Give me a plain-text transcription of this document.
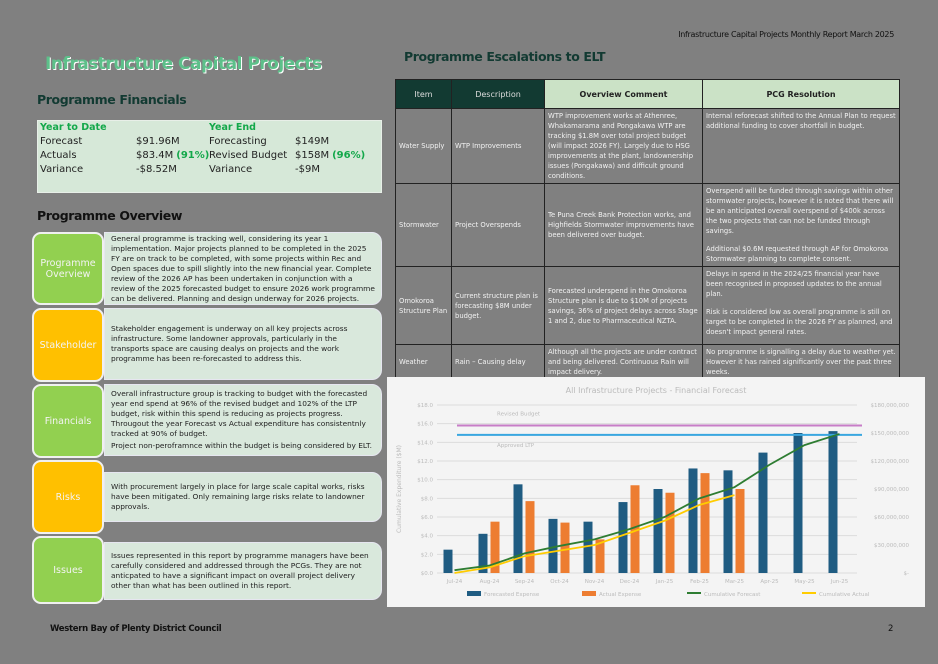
Infrastructure Capital Projects Monthly Report March 2025
Infrastructure Capital Projects
Programme Financials
Year to Date
Forecast	$91.96M
Actuals	$83.4M (91%)
Variance	-$8.52M
Year End
Forecasting	$149M
Revised Budget $158M (96%)
Variance	-$9M
Programme Overview
Programme Overview
General programme is tracking well, considering its year 1 implementation. Major projects planned to be completed in the 2025 FY are on track to be completed, with some projects within Rec and Open spaces due to spill slightly into the new financial year. Complete review of the 2026 AP has been undertaken in conjunction with a review of the 2025 forecasted budget to ensure 2026 work programme can be delivered. Planning and design underway for 2026 projects.
Stakeholder
Stakeholder engagement is underway on all key projects across infrastructure. Some landowner approvals, particularly in the transports space are causing dealys on projects and the work programme has been re-forecasted to address this.
Financials
Overall infrastructure group is tracking to budget with the forecasted year end spend at 96% of the revised budget and 102% of the LTP budget, risk within this spend is reducing as projects progress. Througout the year Forecast vs Actual expenditure has consistentnly tracked at 90% of budget.
Project non-peroframnce within the budget is being considered by ELT.
Risks
With procurement largely in place for large scale capital works, risks have been mitigated. Only remaining large risks relate to landowner approvals.
Issues
Issues represented in this report by programme managers have been carefully considered and addressed through the PCGs. They are not anticpated to have a significant impact on overall project delivery other than what has been outlined in this report.
Programme Escalations to ELT
Item	Description	Overview Comment	PCG Resolution
Water Supply	WTP Improvements	WTP improvement works at Athenree, Whakamarama and Pongakawa WTP are tracking $1.8M over total project budget (will impact 2026 FY). Largely due to HSG improvements at the plant, landownership issues (Pongakawa) and difficult ground conditions.	Internal reforecast shifted to the Annual Plan to request additional funding to cover shortfall in budget.

Stormwater	Project Overspends	Te Puna Creek Bank Protection works, and Highfields Stormwater improvements have been delivered over budget.	Overspend will be funded through savings within other stormwater projects, however it is noted that there will be an anticipated overall overspend of $400k across the two projects that can not be funded through savings.
Additional $0.6M requested through AP for Omokoroa Stormwater planning to complete consent.

Omokoroa Structure Plan	Current structure plan is forecasting $8M under budget.	Forecasted underspend in the Omokoroa Structure plan is due to $10M of projects savings, 36% of project delays across Stage 1 and 2, due to Pharmaceutical NZTA.	Delays in spend in the 2024/25 financial year have been recognised in proposed updates to the annual plan.
Risk is considered low as overall programme is still on target to be completed in the 2026 FY as planned, and doesn't impact general rates.

Weather	Rain – Causing delay	Although all the projects are under contract and being delivered. Continuous Rain will impact delivery.	No programme is signalling a delay due to weather yet. However it has rained significantly over the past three weeks.
All Infrastructure Projects - Financial Forecast
$0.0
$2.0
$4.0
$6.0
$8.0
$10.0
$12.0
$14.0
$16.0
$18.0
$-
$30,000,000
$60,000,000
$90,000,000
$120,000,000
$150,000,000
$180,000,000
Cumulative Expenditure ($M)
Jul-24	Aug-24	Sep-24	Oct-24	Nov-24	Dec-24	Jan-25	Feb-25	Mar-25	Apr-25	May-25	Jun-25
Revised Budget
Approved LTP
Forecasted Expense	Actual Expense	Cumulative Forecast	Cumulative Actual
Western Bay of Plenty District Council	2
